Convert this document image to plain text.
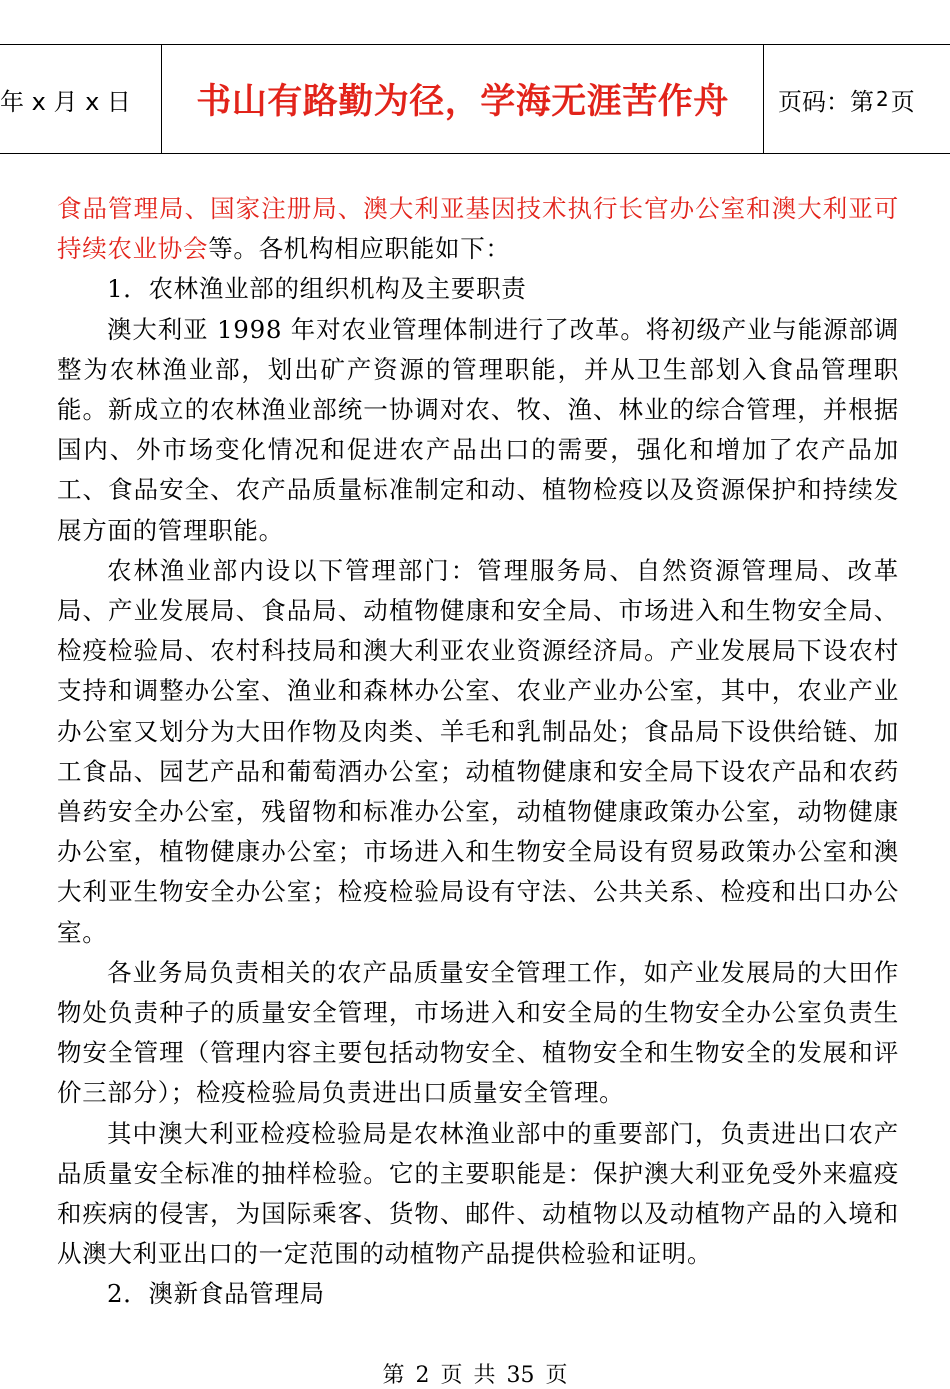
年 x 月 x 日 书山有路勤为径，学海无涯苦作舟 页码：第 2 页

食品管理局、国家注册局、澳大利亚基因技术执行长官办公室和澳大利亚可持续农业协会等。各机构相应职能如下：

1．农林渔业部的组织机构及主要职责

澳大利亚 1998 年对农业管理体制进行了改革。将初级产业与能源部调整为农林渔业部，划出矿产资源的管理职能，并从卫生部划入食品管理职能。新成立的农林渔业部统一协调对农、牧、渔、林业的综合管理，并根据国内、外市场变化情况和促进农产品出口的需要，强化和增加了农产品加工、食品安全、农产品质量标准制定和动、植物检疫以及资源保护和持续发展方面的管理职能。

农林渔业部内设以下管理部门：管理服务局、自然资源管理局、改革局、产业发展局、食品局、动植物健康和安全局、市场进入和生物安全局、检疫检验局、农村科技局和澳大利亚农业资源经济局。产业发展局下设农村支持和调整办公室、渔业和森林办公室、农业产业办公室，其中，农业产业办公室又划分为大田作物及肉类、羊毛和乳制品处；食品局下设供给链、加工食品、园艺产品和葡萄酒办公室；动植物健康和安全局下设农产品和农药兽药安全办公室，残留物和标准办公室，动植物健康政策办公室，动物健康办公室，植物健康办公室；市场进入和生物安全局设有贸易政策办公室和澳大利亚生物安全办公室；检疫检验局设有守法、公共关系、检疫和出口办公室。

各业务局负责相关的农产品质量安全管理工作，如产业发展局的大田作物处负责种子的质量安全管理，市场进入和安全局的生物安全办公室负责生物安全管理（管理内容主要包括动物安全、植物安全和生物安全的发展和评价三部分）；检疫检验局负责进出口质量安全管理。

其中澳大利亚检疫检验局是农林渔业部中的重要部门，负责进出口农产品质量安全标准的抽样检验。它的主要职能是：保护澳大利亚免受外来瘟疫和疾病的侵害，为国际乘客、货物、邮件、动植物以及动植物产品的入境和从澳大利亚出口的一定范围的动植物产品提供检验和证明。

2．澳新食品管理局

第 2 页 共 35 页
